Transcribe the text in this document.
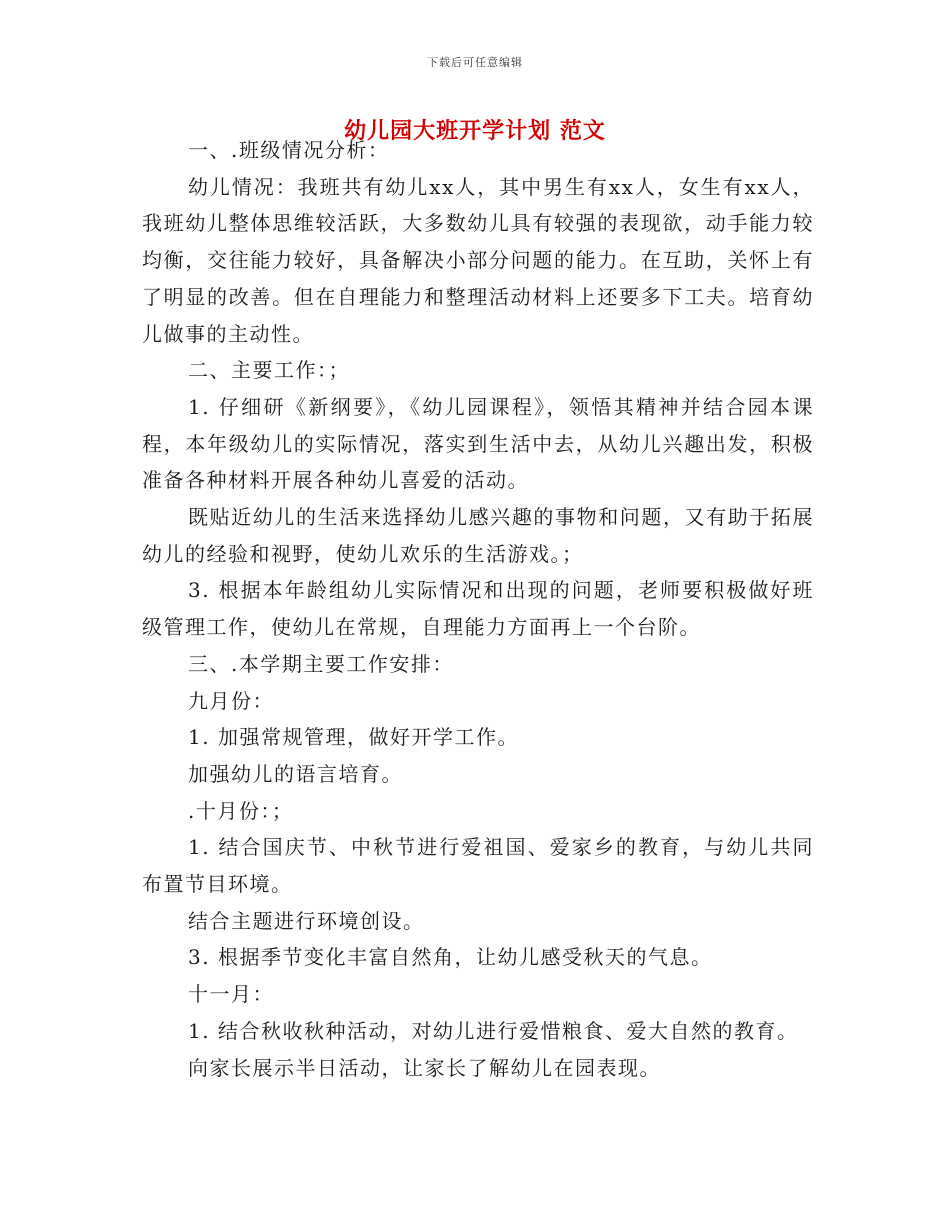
下载后可任意编辑
幼儿园大班开学计划 范文

一、.班级情况分析：

幼儿情况：我班共有幼儿xx人，其中男生有xx人，女生有xx人，我班幼儿整体思维较活跃，大多数幼儿具有较强的表现欲，动手能力较均衡，交往能力较好，具备解决小部分问题的能力。在互助，关怀上有了明显的改善。但在自理能力和整理活动材料上还要多下工夫。培育幼儿做事的主动性。

二、主要工作：；

1. 仔细研《新纲要》，《幼儿园课程》，领悟其精神并结合园本课程，本年级幼儿的实际情况，落实到生活中去，从幼儿兴趣出发，积极准备各种材料开展各种幼儿喜爱的活动。

既贴近幼儿的生活来选择幼儿感兴趣的事物和问题，又有助于拓展幼儿的经验和视野，使幼儿欢乐的生活游戏。；

3. 根据本年龄组幼儿实际情况和出现的问题，老师要积极做好班级管理工作，使幼儿在常规，自理能力方面再上一个台阶。

三、.本学期主要工作安排：

九月份：

1. 加强常规管理，做好开学工作。

加强幼儿的语言培育。

.十月份：；

1. 结合国庆节、中秋节进行爱祖国、爱家乡的教育，与幼儿共同布置节目环境。

结合主题进行环境创设。

3. 根据季节变化丰富自然角，让幼儿感受秋天的气息。

十一月：

1. 结合秋收秋种活动，对幼儿进行爱惜粮食、爱大自然的教育。

向家长展示半日活动，让家长了解幼儿在园表现。
